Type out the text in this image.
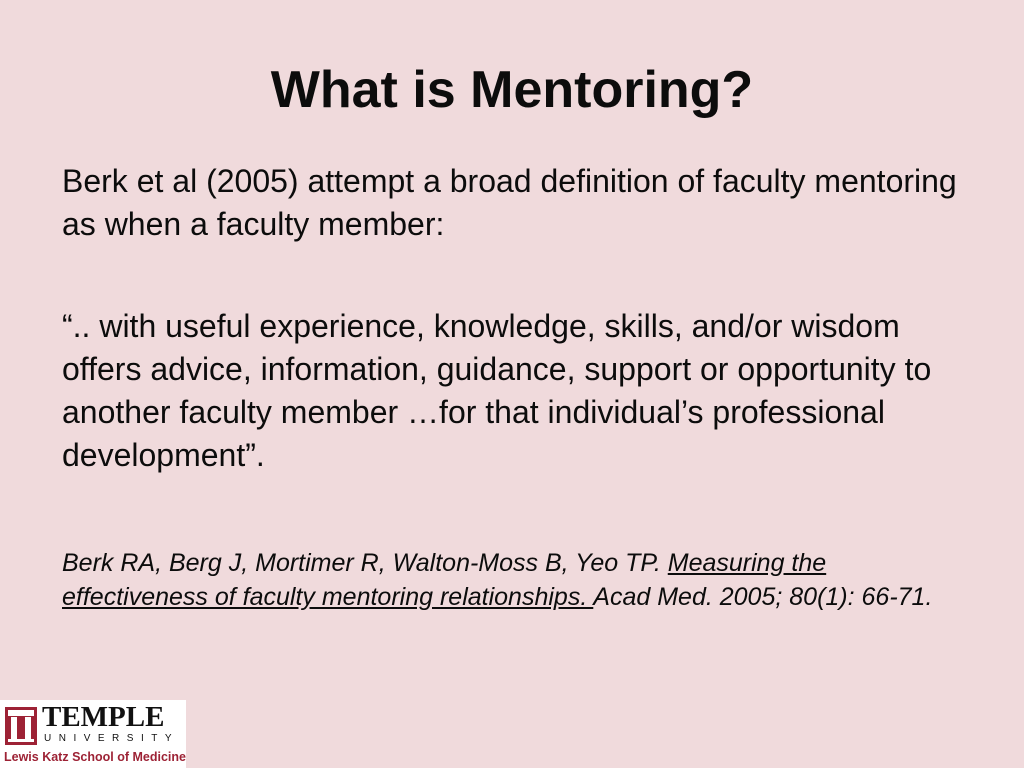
What is Mentoring?

Berk et al (2005) attempt a broad definition of faculty mentoring as when a faculty member:

“.. with useful experience, knowledge, skills, and/or wisdom offers advice, information, guidance, support or opportunity to another faculty member …for that individual’s professional development”.

Berk RA, Berg J, Mortimer R, Walton-Moss B, Yeo TP. Measuring the effectiveness of faculty mentoring relationships. Acad Med. 2005; 80(1): 66-71.

TEMPLE
UNIVERSITY
Lewis Katz School of Medicine
